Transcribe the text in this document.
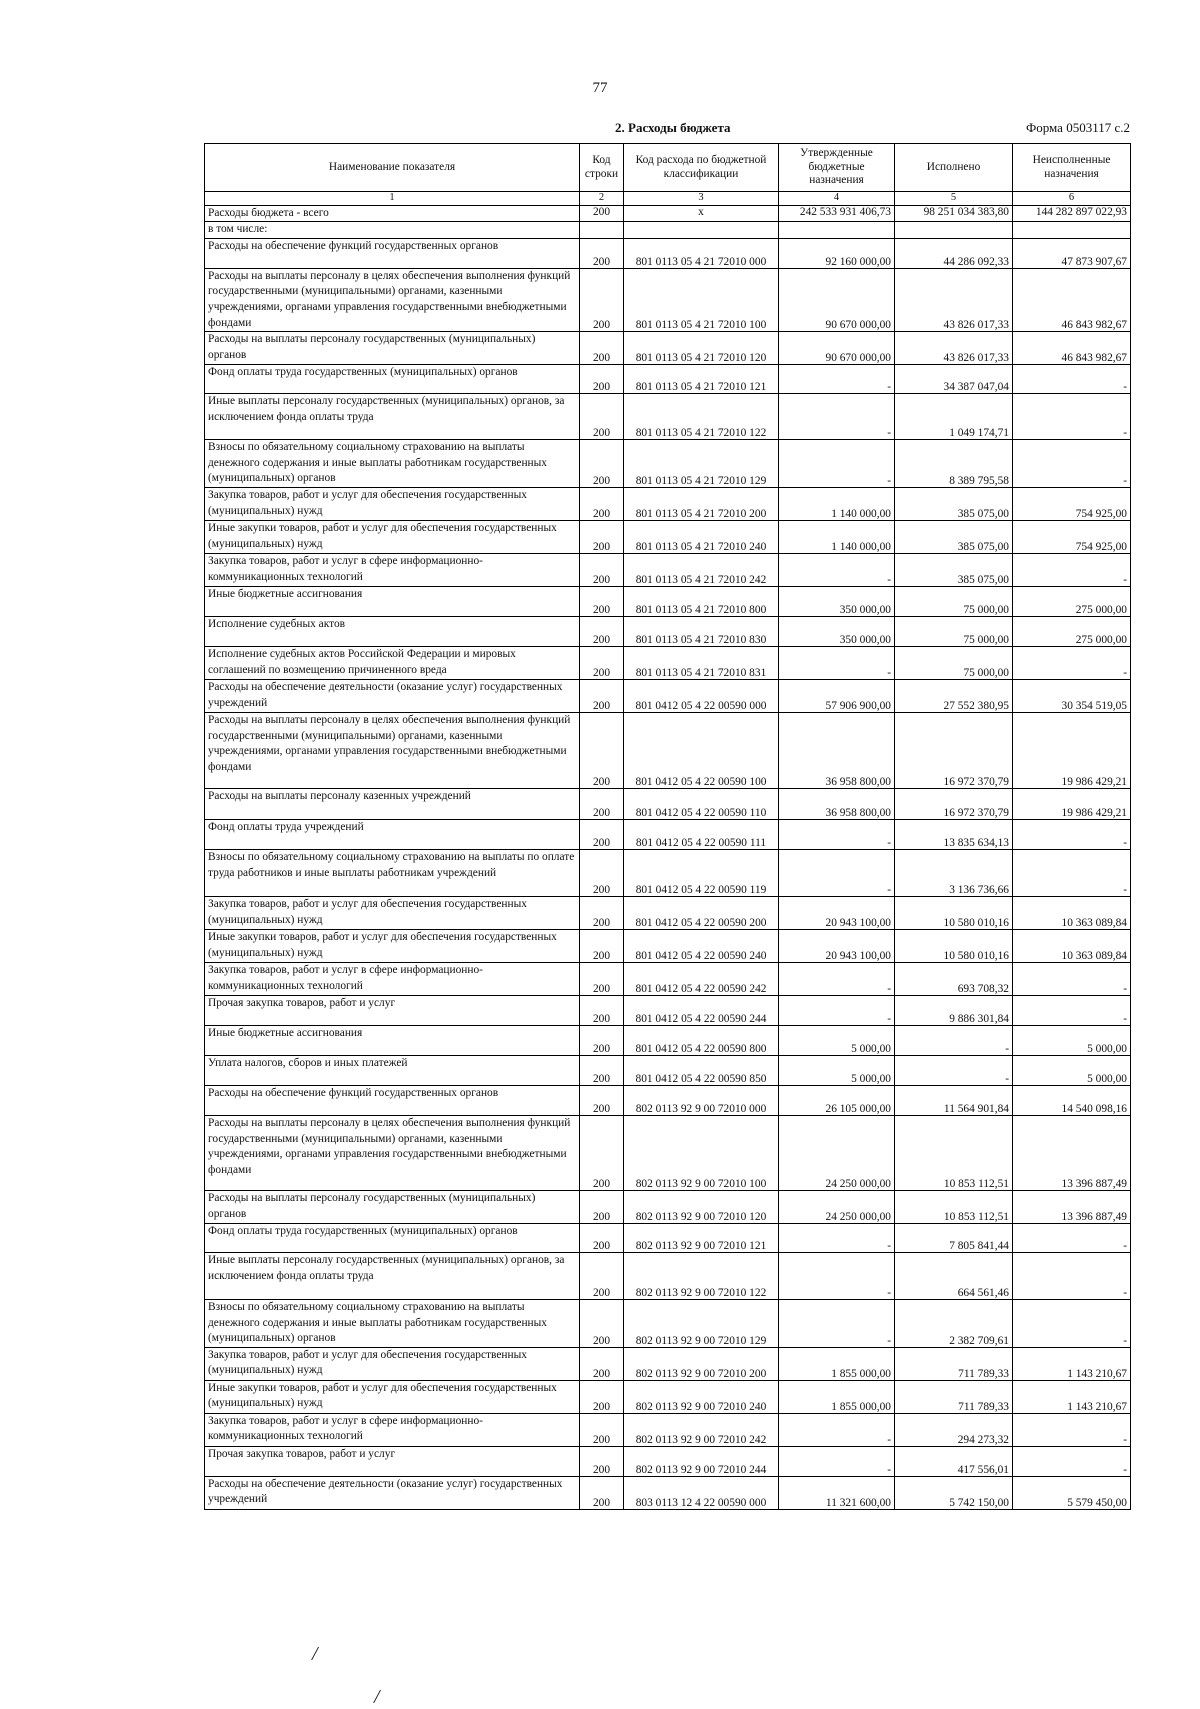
77
2. Расходы бюджета	Форма 0503117 с.2
Наименование показателя	Код строки	Код расхода по бюджетной классификации	Утвержденные бюджетные назначения	Исполнено	Неисполненные назначения
1	2	3	4	5	6
Расходы бюджета - всего	200	x	242 533 931 406,73	98 251 034 383,80	144 282 897 022,93
в том числе:					
Расходы на обеспечение функций государственных органов	200	801 0113 05 4 21 72010 000	92 160 000,00	44 286 092,33	47 873 907,67
Расходы на выплаты персоналу в целях обеспечения выполнения функций государственными (муниципальными) органами, казенными учреждениями, органами управления государственными внебюджетными фондами	200	801 0113 05 4 21 72010 100	90 670 000,00	43 826 017,33	46 843 982,67
Расходы на выплаты персоналу государственных (муниципальных) органов	200	801 0113 05 4 21 72010 120	90 670 000,00	43 826 017,33	46 843 982,67
Фонд оплаты труда государственных (муниципальных) органов	200	801 0113 05 4 21 72010 121	-	34 387 047,04	-
Иные выплаты персоналу государственных (муниципальных) органов, за исключением фонда оплаты труда	200	801 0113 05 4 21 72010 122	-	1 049 174,71	-
Взносы по обязательному социальному страхованию на выплаты денежного содержания и иные выплаты работникам государственных (муниципальных) органов	200	801 0113 05 4 21 72010 129	-	8 389 795,58	-
Закупка товаров, работ и услуг для обеспечения государственных (муниципальных) нужд	200	801 0113 05 4 21 72010 200	1 140 000,00	385 075,00	754 925,00
Иные закупки товаров, работ и услуг для обеспечения государственных (муниципальных) нужд	200	801 0113 05 4 21 72010 240	1 140 000,00	385 075,00	754 925,00
Закупка товаров, работ и услуг в сфере информационно-коммуникационных технологий	200	801 0113 05 4 21 72010 242	-	385 075,00	-
Иные бюджетные ассигнования	200	801 0113 05 4 21 72010 800	350 000,00	75 000,00	275 000,00
Исполнение судебных актов	200	801 0113 05 4 21 72010 830	350 000,00	75 000,00	275 000,00
Исполнение судебных актов Российской Федерации и мировых соглашений по возмещению причиненного вреда	200	801 0113 05 4 21 72010 831	-	75 000,00	-
Расходы на обеспечение деятельности (оказание услуг) государственных учреждений	200	801 0412 05 4 22 00590 000	57 906 900,00	27 552 380,95	30 354 519,05
Расходы на выплаты персоналу в целях обеспечения выполнения функций государственными (муниципальными) органами, казенными учреждениями, органами управления государственными внебюджетными фондами	200	801 0412 05 4 22 00590 100	36 958 800,00	16 972 370,79	19 986 429,21
Расходы на выплаты персоналу казенных учреждений	200	801 0412 05 4 22 00590 110	36 958 800,00	16 972 370,79	19 986 429,21
Фонд оплаты труда учреждений	200	801 0412 05 4 22 00590 111	-	13 835 634,13	-
Взносы по обязательному социальному страхованию на выплаты по оплате труда работников и иные выплаты работникам учреждений	200	801 0412 05 4 22 00590 119	-	3 136 736,66	-
Закупка товаров, работ и услуг для обеспечения государственных (муниципальных) нужд	200	801 0412 05 4 22 00590 200	20 943 100,00	10 580 010,16	10 363 089,84
Иные закупки товаров, работ и услуг для обеспечения государственных (муниципальных) нужд	200	801 0412 05 4 22 00590 240	20 943 100,00	10 580 010,16	10 363 089,84
Закупка товаров, работ и услуг в сфере информационно-коммуникационных технологий	200	801 0412 05 4 22 00590 242	-	693 708,32	-
Прочая закупка товаров, работ и услуг	200	801 0412 05 4 22 00590 244	-	9 886 301,84	-
Иные бюджетные ассигнования	200	801 0412 05 4 22 00590 800	5 000,00	-	5 000,00
Уплата налогов, сборов и иных платежей	200	801 0412 05 4 22 00590 850	5 000,00	-	5 000,00
Расходы на обеспечение функций государственных органов	200	802 0113 92 9 00 72010 000	26 105 000,00	11 564 901,84	14 540 098,16
Расходы на выплаты персоналу в целях обеспечения выполнения функций государственными (муниципальными) органами, казенными учреждениями, органами управления государственными внебюджетными фондами	200	802 0113 92 9 00 72010 100	24 250 000,00	10 853 112,51	13 396 887,49
Расходы на выплаты персоналу государственных (муниципальных) органов	200	802 0113 92 9 00 72010 120	24 250 000,00	10 853 112,51	13 396 887,49
Фонд оплаты труда государственных (муниципальных) органов	200	802 0113 92 9 00 72010 121	-	7 805 841,44	-
Иные выплаты персоналу государственных (муниципальных) органов, за исключением фонда оплаты труда	200	802 0113 92 9 00 72010 122	-	664 561,46	-
Взносы по обязательному социальному страхованию на выплаты денежного содержания и иные выплаты работникам государственных (муниципальных) органов	200	802 0113 92 9 00 72010 129	-	2 382 709,61	-
Закупка товаров, работ и услуг для обеспечения государственных (муниципальных) нужд	200	802 0113 92 9 00 72010 200	1 855 000,00	711 789,33	1 143 210,67
Иные закупки товаров, работ и услуг для обеспечения государственных (муниципальных) нужд	200	802 0113 92 9 00 72010 240	1 855 000,00	711 789,33	1 143 210,67
Закупка товаров, работ и услуг в сфере информационно-коммуникационных технологий	200	802 0113 92 9 00 72010 242	-	294 273,32	-
Прочая закупка товаров, работ и услуг	200	802 0113 92 9 00 72010 244	-	417 556,01	-
Расходы на обеспечение деятельности (оказание услуг) государственных учреждений	200	803 0113 12 4 22 00590 000	11 321 600,00	5 742 150,00	5 579 450,00
/
/
